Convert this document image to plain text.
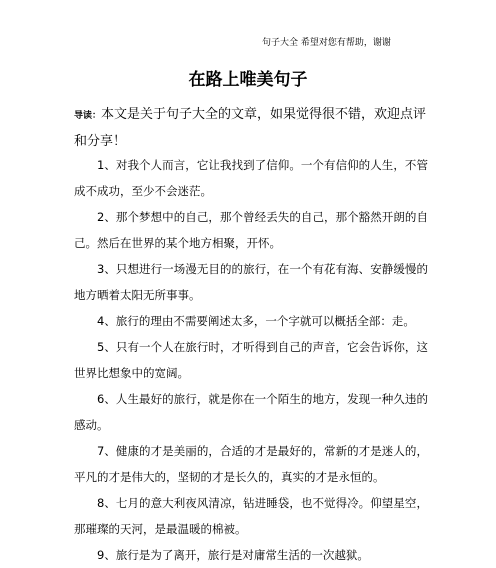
句子大全 希望对您有帮助，谢谢
在路上唯美句子
导读：本文是关于句子大全的文章，如果觉得很不错，欢迎点评和分享！

1、对我个人而言，它让我找到了信仰。一个有信仰的人生，不管成不成功，至少不会迷茫。

2、那个梦想中的自己，那个曾经丢失的自己，那个豁然开朗的自己。然后在世界的某个地方相聚，开怀。

3、只想进行一场漫无目的的旅行，在一个有花有海、安静缓慢的地方晒着太阳无所事事。

4、旅行的理由不需要阐述太多，一个字就可以概括全部：走。

5、只有一个人在旅行时，才听得到自己的声音，它会告诉你，这世界比想象中的宽阔。

6、人生最好的旅行，就是你在一个陌生的地方，发现一种久违的感动。

7、健康的才是美丽的，合适的才是最好的，常新的才是迷人的，平凡的才是伟大的，坚韧的才是长久的，真实的才是永恒的。

8、七月的意大利夜风清凉，钻进睡袋，也不觉得冷。仰望星空，那璀璨的天河，是最温暖的棉被。

9、旅行是为了离开，旅行是对庸常生活的一次越狱。
